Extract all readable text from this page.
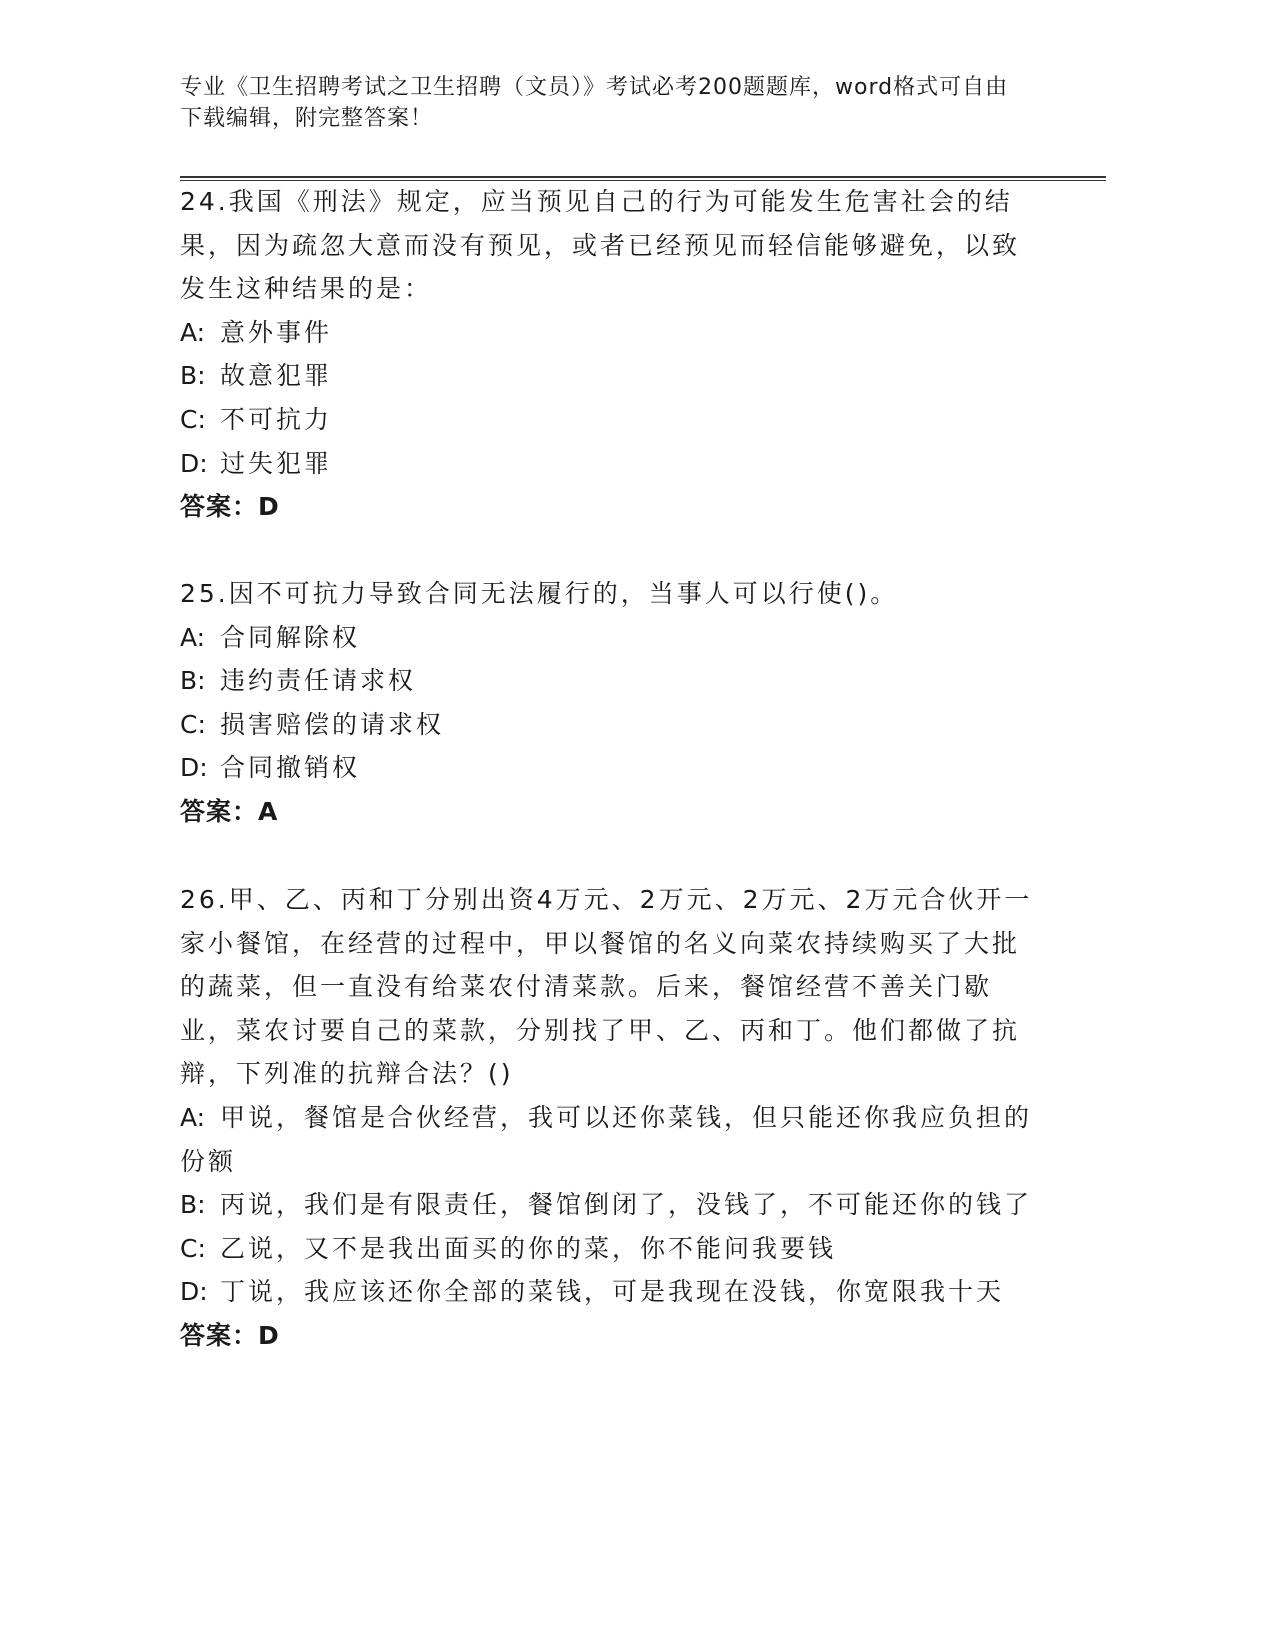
专业《卫生招聘考试之卫生招聘（文员）》考试必考200题题库，word格式可自由下载编辑，附完整答案！

24.我国《刑法》规定，应当预见自己的行为可能发生危害社会的结果，因为疏忽大意而没有预见，或者已经预见而轻信能够避免，以致发生这种结果的是：

A: 意外事件

B: 故意犯罪

C: 不可抗力

D: 过失犯罪

答案：D

25.因不可抗力导致合同无法履行的，当事人可以行使()。

A: 合同解除权

B: 违约责任请求权

C: 损害赔偿的请求权

D: 合同撤销权

答案：A

26.甲、乙、丙和丁分别出资4万元、2万元、2万元、2万元合伙开一家小餐馆，在经营的过程中，甲以餐馆的名义向菜农持续购买了大批的蔬菜，但一直没有给菜农付清菜款。后来，餐馆经营不善关门歇业，菜农讨要自己的菜款，分别找了甲、乙、丙和丁。他们都做了抗辩，下列准的抗辩合法？()

A: 甲说，餐馆是合伙经营，我可以还你菜钱，但只能还你我应负担的份额

B: 丙说，我们是有限责任，餐馆倒闭了，没钱了，不可能还你的钱了

C: 乙说，又不是我出面买的你的菜，你不能问我要钱

D: 丁说，我应该还你全部的菜钱，可是我现在没钱，你宽限我十天

答案：D
